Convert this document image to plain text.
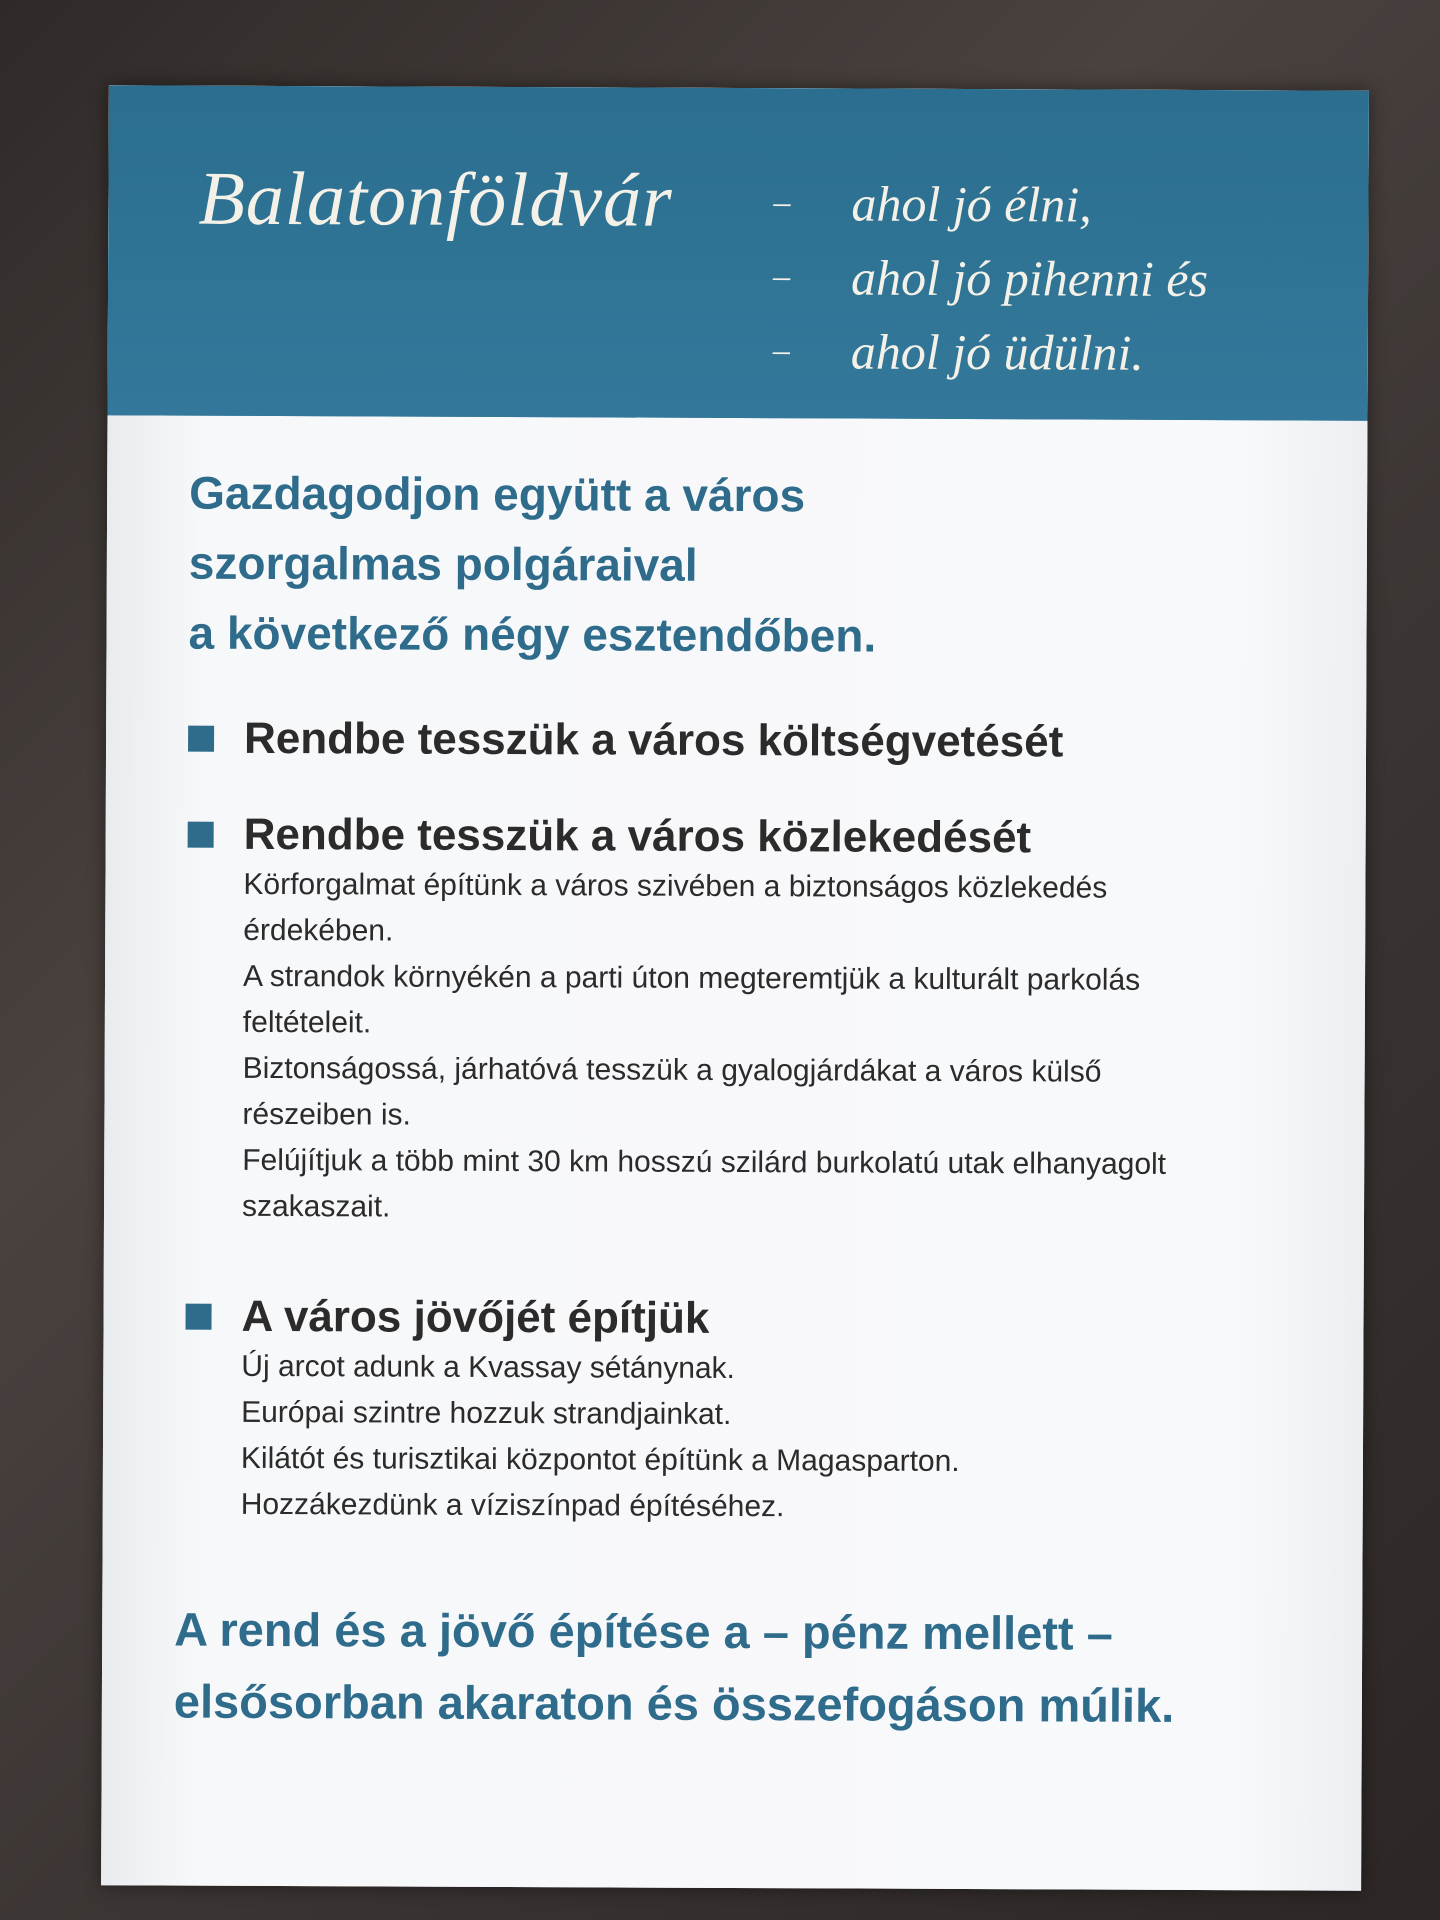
Balatonföldvár	–	ahol jó élni,
–	ahol jó pihenni és
–	ahol jó üdülni.
Gazdagodjon együtt a város
szorgalmas polgáraival
a következő négy esztendőben.
Rendbe tesszük a város költségvetését
Rendbe tesszük a város közlekedését
Körforgalmat építünk a város szivében a biztonságos közlekedés
érdekében.
A strandok környékén a parti úton megteremtjük a kulturált parkolás
feltételeit.
Biztonságossá, járhatóvá tesszük a gyalogjárdákat a város külső
részeiben is.
Felújítjuk a több mint 30 km hosszú szilárd burkolatú utak elhanyagolt
szakaszait.
A város jövőjét építjük
Új arcot adunk a Kvassay sétánynak.
Európai szintre hozzuk strandjainkat.
Kilátót és turisztikai központot építünk a Magasparton.
Hozzákezdünk a víziszínpad építéséhez.
A rend és a jövő építése a – pénz mellett –
elsősorban akaraton és összefogáson múlik.
